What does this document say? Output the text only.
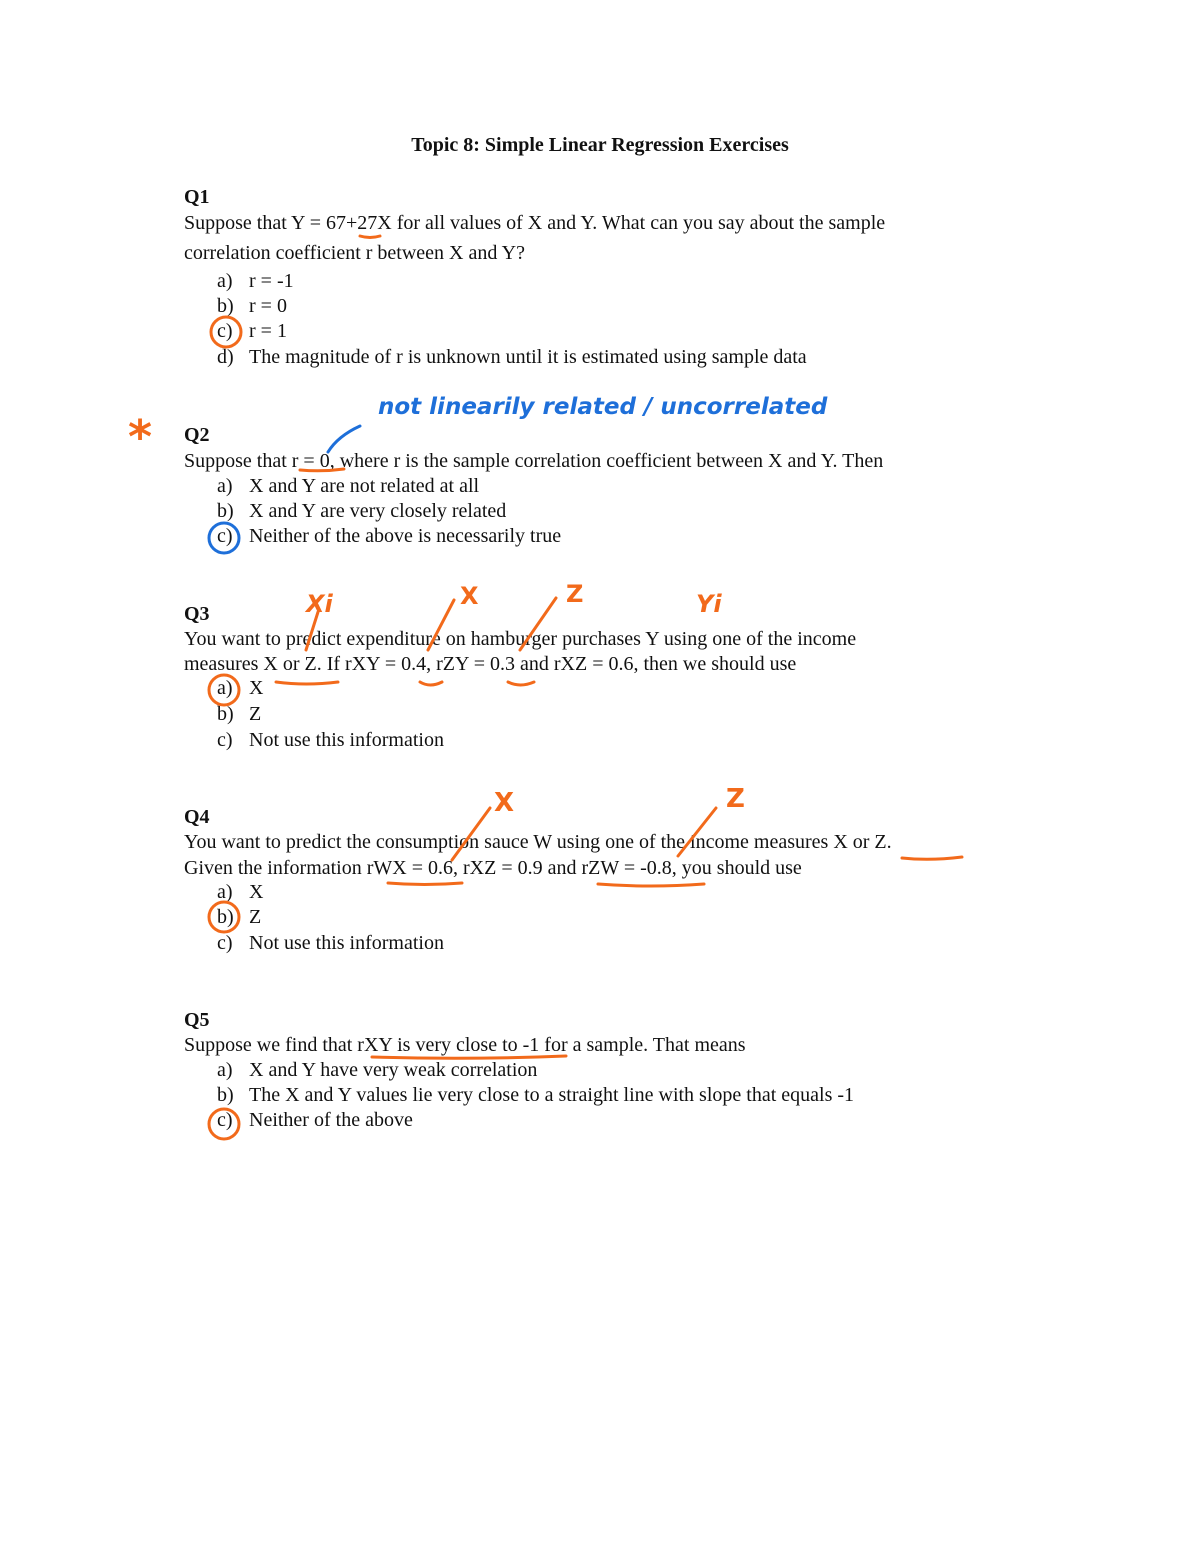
Topic 8: Simple Linear Regression Exercises
Q1
Suppose that Y = 67+27X for all values of X and Y. What can you say about the sample
correlation coefficient r between X and Y?
a) r = -1
b) r = 0
c) r = 1
d) The magnitude of r is unknown until it is estimated using sample data
* Q2
not linearily related / uncorrelated
Suppose that r = 0, where r is the sample correlation coefficient between X and Y. Then
a) X and Y are not related at all
b) X and Y are very closely related
c) Neither of the above is necessarily true
Q3	Xi	X	Z	Yi
You want to predict expenditure on hamburger purchases Y using one of the income
measures X or Z. If rXY = 0.4, rZY = 0.3 and rXZ = 0.6, then we should use
a) X
b) Z
c) Not use this information
Q4	X	Z
You want to predict the consumption sauce W using one of the income measures X or Z.
Given the information rWX = 0.6, rXZ = 0.9 and rZW = -0.8, you should use
a) X
b) Z
c) Not use this information
Q5
Suppose we find that rXY is very close to -1 for a sample. That means
a) X and Y have very weak correlation
b) The X and Y values lie very close to a straight line with slope that equals -1
c) Neither of the above
